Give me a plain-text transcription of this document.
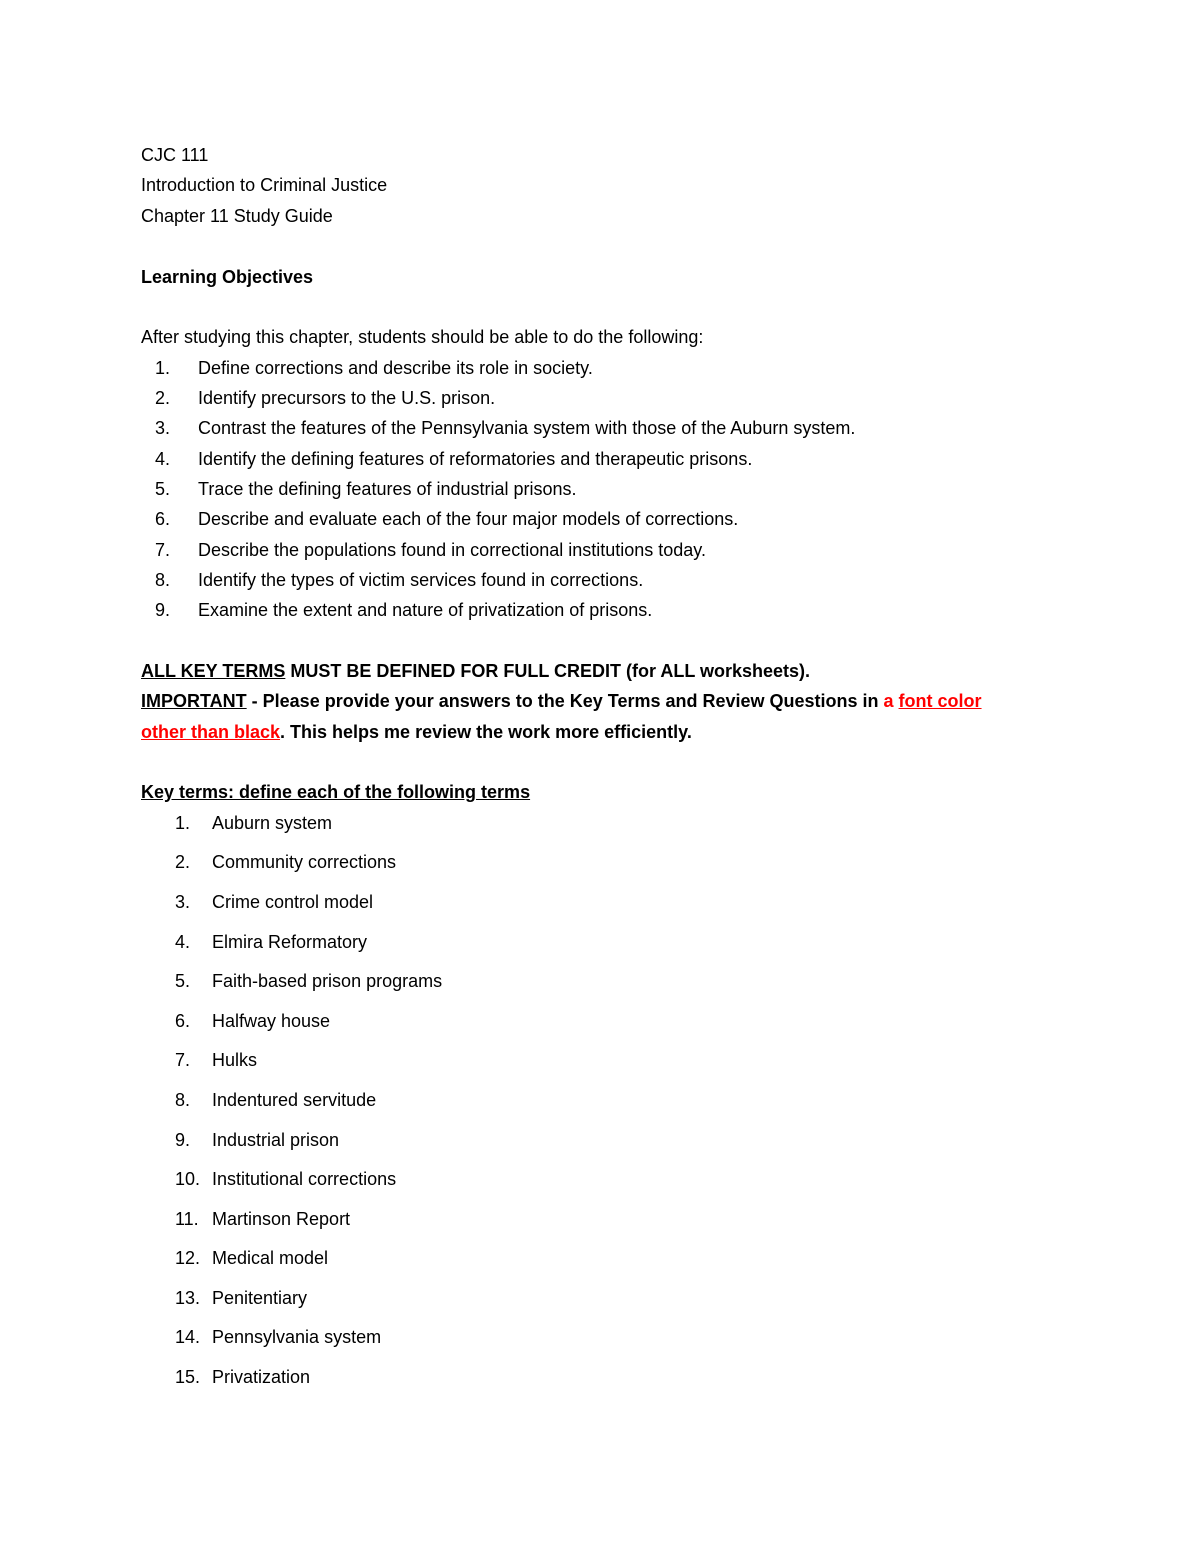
CJC 111
Introduction to Criminal Justice
Chapter 11 Study Guide
Learning Objectives
After studying this chapter, students should be able to do the following:
1.	Define corrections and describe its role in society.
2.	Identify precursors to the U.S. prison.
3.	Contrast the features of the Pennsylvania system with those of the Auburn system.
4.	Identify the defining features of reformatories and therapeutic prisons.
5.	Trace the defining features of industrial prisons.
6.	Describe and evaluate each of the four major models of corrections.
7.	Describe the populations found in correctional institutions today.
8.	Identify the types of victim services found in corrections.
9.	Examine the extent and nature of privatization of prisons.
ALL KEY TERMS MUST BE DEFINED FOR FULL CREDIT (for ALL worksheets).
IMPORTANT - Please provide your answers to the Key Terms and Review Questions in a font color
other than black. This helps me review the work more efficiently.
Key terms: define each of the following terms
1.	Auburn system
2.	Community corrections
3.	Crime control model
4.	Elmira Reformatory
5.	Faith-based prison programs
6.	Halfway house
7.	Hulks
8.	Indentured servitude
9.	Industrial prison
10. Institutional corrections
11. Martinson Report
12. Medical model
13. Penitentiary
14. Pennsylvania system
15. Privatization
